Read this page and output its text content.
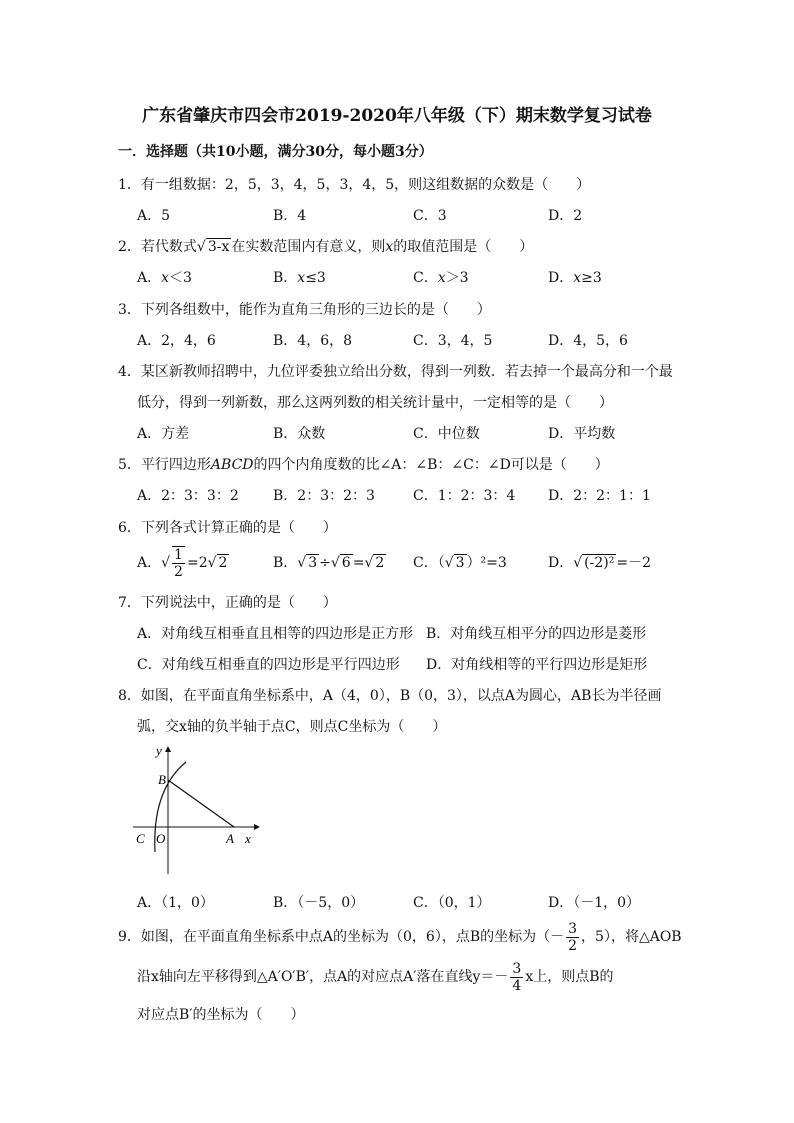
广东省肇庆市四会市2019-2020年八年级（下）期末数学复习试卷
一．选择题（共10小题，满分30分，每小题3分）
1．有一组数据：2，5，3，4，5，3，4，5，则这组数据的众数是（　　）
A．5	B．4	C．3	D．2
2．若代数式√ 3-x 在实数范围内有意义，则x的取值范围是（　　）
A．x＜3	B．x≤3	C．x＞3	D．x≥3
3．下列各组数中，能作为直角三角形的三边长的是（　　）
A．2，4，6	B．4，6，8	C．3，4，5	D．4，5，6
4．某区新教师招聘中，九位评委独立给出分数，得到一列数．若去掉一个最高分和一个最
低分，得到一列新数，那么这两列数的相关统计量中，一定相等的是（　　）
A．方差	B．众数	C．中位数	D．平均数
5．平行四边形ABCD的四个内角度数的比∠A：∠B：∠C：∠D可以是（　　）
A．2：3：3：2 B．2：3：2：3	C．1：2：3：4 D．2：2：1：1
6．下列各式计算正确的是（　　）
A．√ $\frac{1}{2} =2√$ 2	B．√ 3 ÷√ 6 =√ 2 C．（√ 3 ）²=3	D．√ (-2)² =－2
7．下列说法中，正确的是（　　）
A．对角线互相垂直且相等的四边形是正方形 B．对角线互相平分的四边形是菱形
C．对角线互相垂直的四边形是平行四边形 D．对角线相等的平行四边形是矩形
8．如图，在平面直角坐标系中，A（4，0），B（0，3），以点A为圆心，AB长为半径画
弧，交x轴的负半轴于点C，则点C坐标为（　　）
y
B
O
C	A x
A．（1，0）	B．（－5，0）	C．（0，1）	D．（－1，0）
9．如图，在平面直角坐标系中点A的坐标为（0，6），点B的坐标为（－ $\frac{3}{2}$ ，5），将△AOB
沿x轴向左平移得到△A′O′B′，点A的对应点A′落在直线$y=- \frac{3}{4}$ x上，则点B的
对应点B′的坐标为（　　）
